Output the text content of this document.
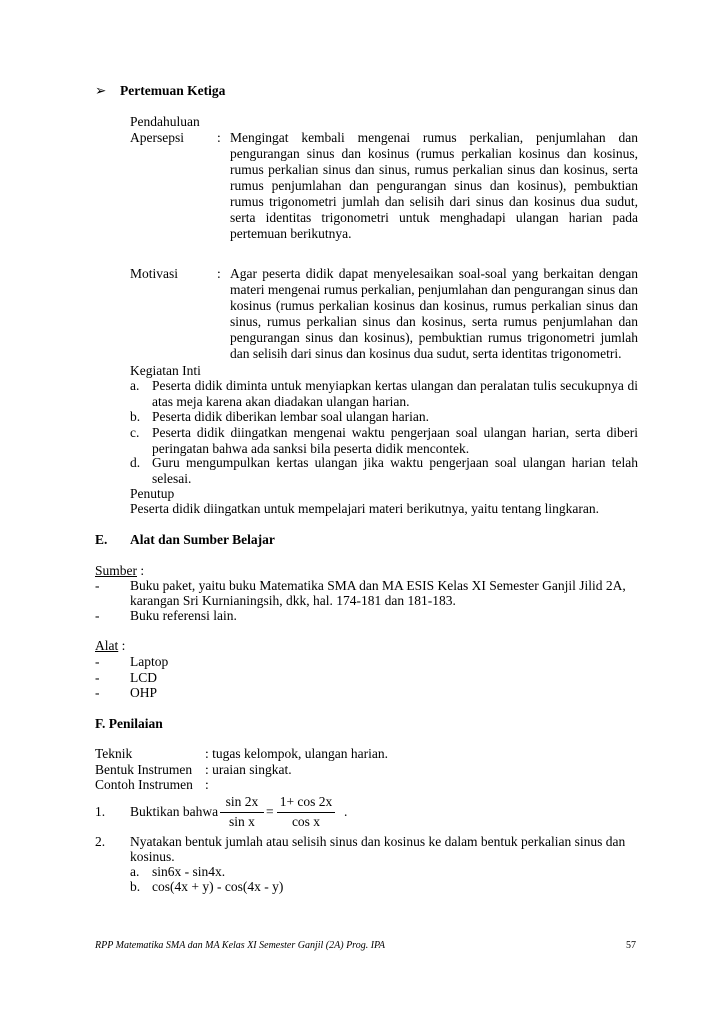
➢ Pertemuan Ketiga
Pendahuluan
Apersepsi : Mengingat kembali mengenai rumus perkalian, penjumlahan dan
pengurangan sinus dan kosinus (rumus perkalian kosinus dan kosinus,
rumus perkalian sinus dan sinus, rumus perkalian sinus dan kosinus, serta
rumus penjumlahan dan pengurangan sinus dan kosinus), pembuktian
rumus trigonometri jumlah dan selisih dari sinus dan kosinus dua sudut,
serta identitas trigonometri untuk menghadapi ulangan harian pada
pertemuan berikutnya.
Motivasi	: Agar peserta didik dapat menyelesaikan soal-soal yang berkaitan dengan
materi mengenai rumus perkalian, penjumlahan dan pengurangan sinus dan
kosinus (rumus perkalian kosinus dan kosinus, rumus perkalian sinus dan
sinus, rumus perkalian sinus dan kosinus, serta rumus penjumlahan dan
pengurangan sinus dan kosinus), pembuktian rumus trigonometri jumlah
dan selisih dari sinus dan kosinus dua sudut, serta identitas trigonometri.
Kegiatan Inti
a. Peserta didik diminta untuk menyiapkan kertas ulangan dan peralatan tulis secukupnya di
atas meja karena akan diadakan ulangan harian.
b. Peserta didik diberikan lembar soal ulangan harian.
c. Peserta didik diingatkan mengenai waktu pengerjaan soal ulangan harian, serta diberi
peringatan bahwa ada sanksi bila peserta didik mencontek.
d. Guru mengumpulkan kertas ulangan jika waktu pengerjaan soal ulangan harian telah
selesai.
Penutup
Peserta didik diingatkan untuk mempelajari materi berikutnya, yaitu tentang lingkaran.
E. Alat dan Sumber Belajar
Sumber :
- Buku paket, yaitu buku Matematika SMA dan MA ESIS Kelas XI Semester Ganjil Jilid 2A,
karangan Sri Kurnianingsih, dkk, hal. 174-181 dan 181-183.
- Buku referensi lain.
Alat :
- Laptop
- LCD
- OHP
F. Penilaian
Teknik	: tugas kelompok, ulangan harian.
Bentuk Instrumen : uraian singkat.
Contoh Instrumen :
1. Buktikan bahwa
sin 2x
sin x
=
1+ cos 2x
cos x
.
2. Nyatakan bentuk jumlah atau selisih sinus dan kosinus ke dalam bentuk perkalian sinus dan
kosinus.
a. sin6x - sin4x.
b. cos(4x + y) - cos(4x - y)
RPP Matematika SMA dan MA Kelas XI Semester Ganjil (2A) Prog. IPA	57
